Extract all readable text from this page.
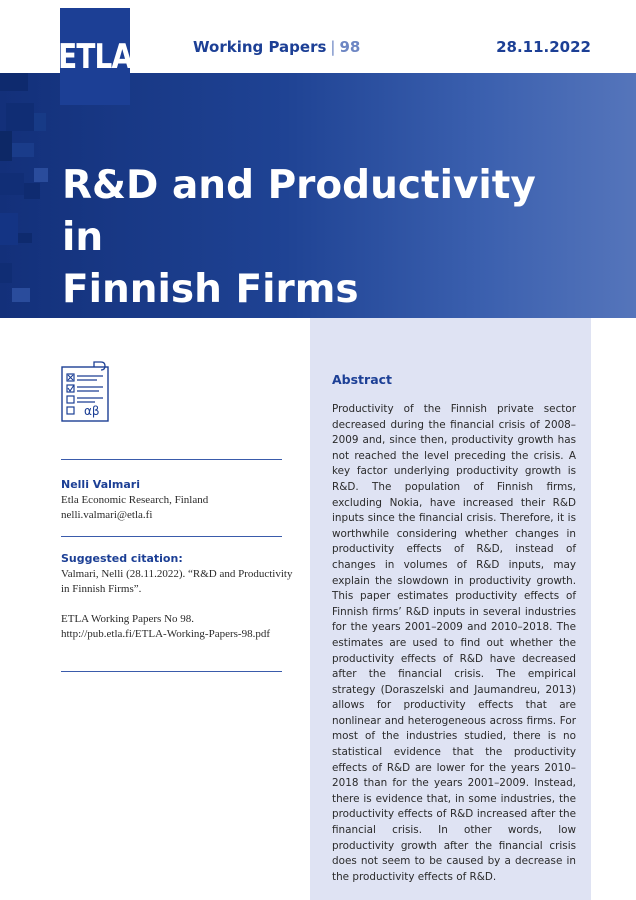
ETLA	Working Papers | 98	28.11.2022
R&D and Productivity in
Finnish Firms
αβ
Nelli Valmari
Etla Economic Research, Finland
nelli.valmari@etla.fi
Suggested citation:
Valmari, Nelli (28.11.2022). “R&D and Productivity
in Finnish Firms”.
ETLA Working Papers No 98.
http://pub.etla.fi/ETLA-Working-Papers-98.pdf
Abstract
Productivity of the Finnish private sector decreased during the financial crisis of 2008–2009 and, since then, productivity growth has not reached the level preceding the crisis. A key factor underlying productivity growth is R&D. The population of Finnish firms, excluding Nokia, have increased their R&D inputs since the financial crisis. Therefore, it is worthwhile considering whether changes in productivity effects of R&D, instead of changes in volumes of R&D inputs, may explain the slowdown in productivity growth. This paper estimates productivity effects of Finnish firms’ R&D inputs in several industries for the years 2001–2009 and 2010–2018. The estimates are used to find out whether the productivity effects of R&D have decreased after the financial crisis. The empirical strategy (Doraszelski and Jaumandreu, 2013) allows for productivity effects that are nonlinear and heterogeneous across firms. For most of the industries studied, there is no statistical evidence that the productivity effects of R&D are lower for the years 2010–2018 than for the years 2001–2009. Instead, there is evidence that, in some industries, the productivity effects of R&D increased after the financial crisis. In other words, low productivity growth after the financial crisis does not seem to be caused by a decrease in the productivity effects of R&D.
